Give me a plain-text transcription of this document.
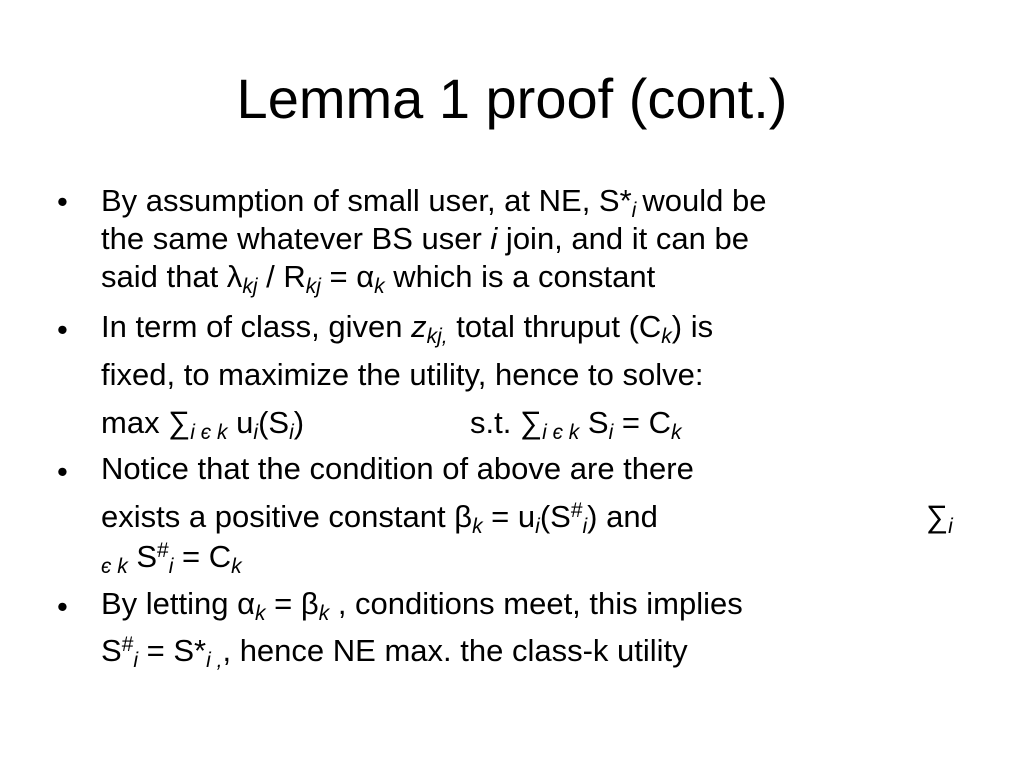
Lemma 1 proof (cont.)
• By assumption of small user, at NE, $S*_i$ would be
the same whatever BS user i join, and it can be
said that $\lambda_{kj} / R_{kj} = \alpha_k$ which is a constant
• In term of class, given $z_{kj,}$ total thruput $(C_k)$ is
fixed, to maximize the utility, hence to solve:
$\max \sum_{i є k}$ $u_i(S_i)$	s.t. $\sum_{i є k}$ $S_i = C_k$
• Notice that the condition of above are there
exists a positive constant $\beta_k = u_i(S^{\#}_i)$ and	$\sum_i$
$_{є k}$ $S^{\#}_i = C_k$
• By letting $\alpha_k = \beta_k$ , conditions meet, this implies
$S^{\#}_i = S*_{i ,}$, hence NE max. the class-k utility
